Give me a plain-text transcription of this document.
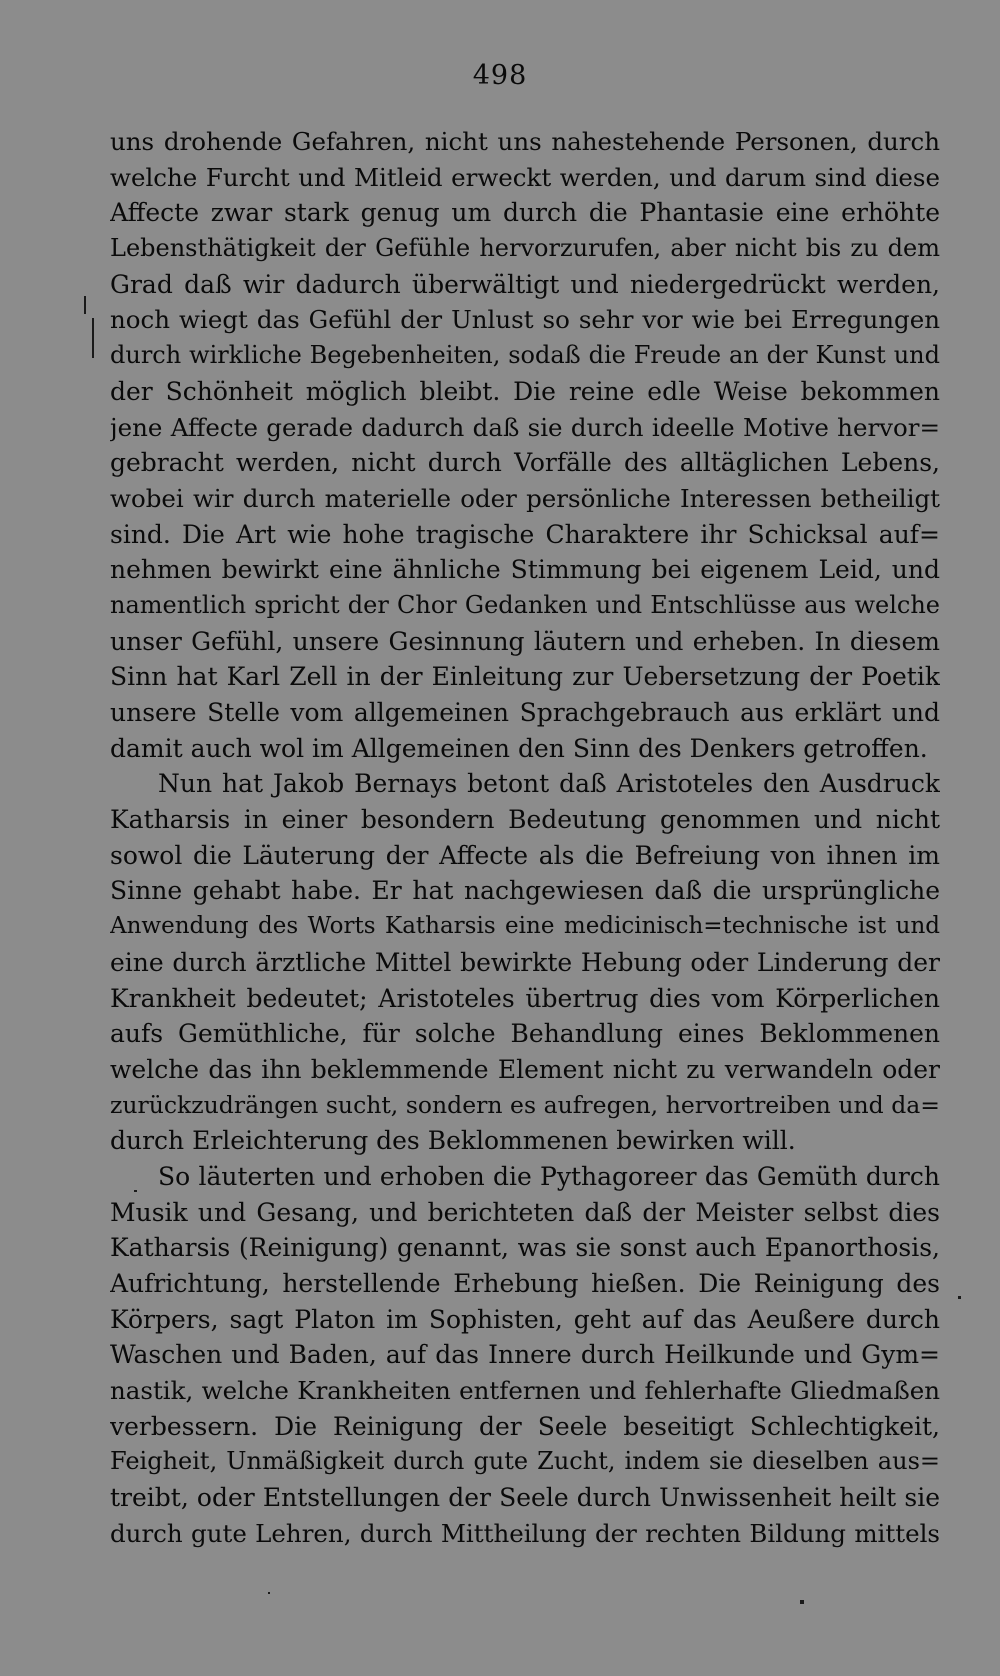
498
uns drohende Gefahren, nicht uns nahestehende Personen, durch
welche Furcht und Mitleid erweckt werden, und darum sind diese
Affecte zwar stark genug um durch die Phantasie eine erhöhte
Lebensthätigkeit der Gefühle hervorzurufen, aber nicht bis zu dem
Grad daß wir dadurch überwältigt und niedergedrückt werden,
noch wiegt das Gefühl der Unlust so sehr vor wie bei Erregungen
durch wirkliche Begebenheiten, sodaß die Freude an der Kunst und
der Schönheit möglich bleibt. Die reine edle Weise bekommen
jene Affecte gerade dadurch daß sie durch ideelle Motive hervor=
gebracht werden, nicht durch Vorfälle des alltäglichen Lebens,
wobei wir durch materielle oder persönliche Interessen betheiligt
sind. Die Art wie hohe tragische Charaktere ihr Schicksal auf=
nehmen bewirkt eine ähnliche Stimmung bei eigenem Leid, und
namentlich spricht der Chor Gedanken und Entschlüsse aus welche
unser Gefühl, unsere Gesinnung läutern und erheben. In diesem
Sinn hat Karl Zell in der Einleitung zur Uebersetzung der Poetik
unsere Stelle vom allgemeinen Sprachgebrauch aus erklärt und
damit auch wol im Allgemeinen den Sinn des Denkers getroffen.
Nun hat Jakob Bernays betont daß Aristoteles den Ausdruck
Katharsis in einer besondern Bedeutung genommen und nicht
sowol die Läuterung der Affecte als die Befreiung von ihnen im
Sinne gehabt habe. Er hat nachgewiesen daß die ursprüngliche
Anwendung des Worts Katharsis eine medicinisch=technische ist und
eine durch ärztliche Mittel bewirkte Hebung oder Linderung der
Krankheit bedeutet; Aristoteles übertrug dies vom Körperlichen
aufs Gemüthliche, für solche Behandlung eines Beklommenen
welche das ihn beklemmende Element nicht zu verwandeln oder
zurückzudrängen sucht, sondern es aufregen, hervortreiben und da=
durch Erleichterung des Beklommenen bewirken will.
So läuterten und erhoben die Pythagoreer das Gemüth durch
Musik und Gesang, und berichteten daß der Meister selbst dies
Katharsis (Reinigung) genannt, was sie sonst auch Epanorthosis,
Aufrichtung, herstellende Erhebung hießen. Die Reinigung des
Körpers, sagt Platon im Sophisten, geht auf das Aeußere durch
Waschen und Baden, auf das Innere durch Heilkunde und Gym=
nastik, welche Krankheiten entfernen und fehlerhafte Gliedmaßen
verbessern. Die Reinigung der Seele beseitigt Schlechtigkeit,
Feigheit, Unmäßigkeit durch gute Zucht, indem sie dieselben aus=
treibt, oder Entstellungen der Seele durch Unwissenheit heilt sie
durch gute Lehren, durch Mittheilung der rechten Bildung mittels
